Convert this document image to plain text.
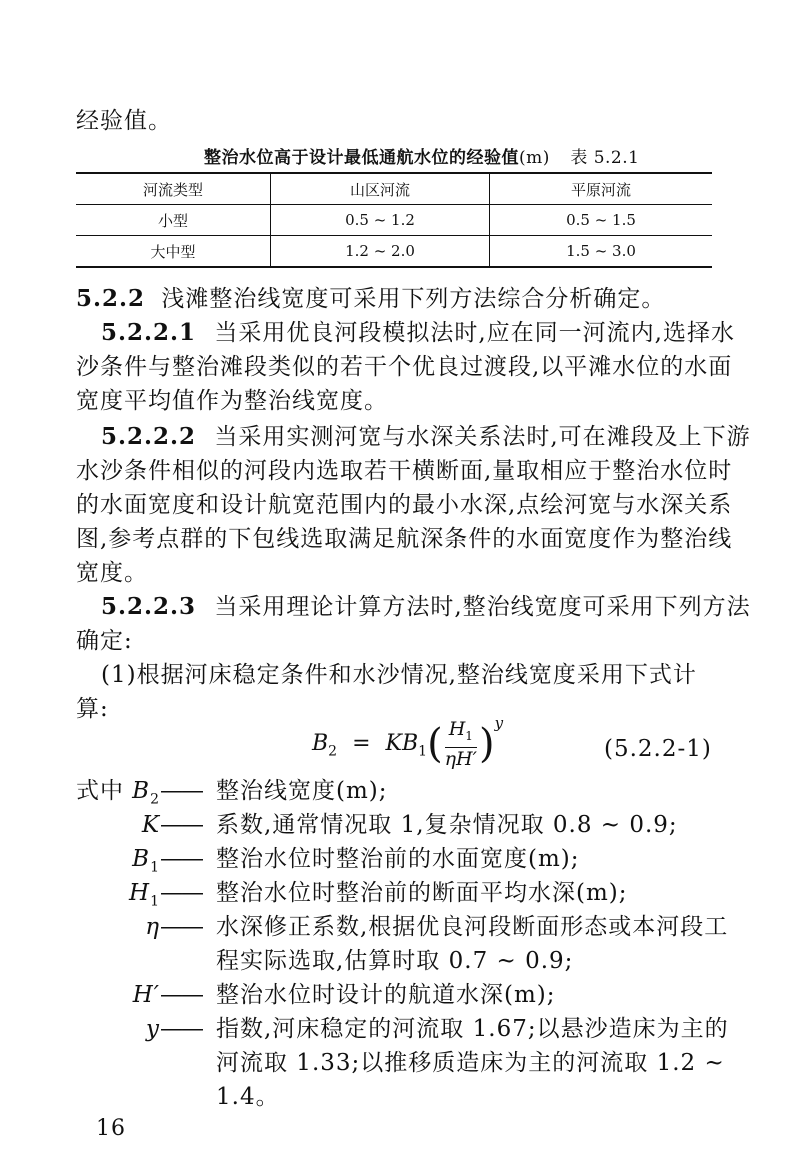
经验值。
整治水位高于设计最低通航水位的经验值(m) 表 5.2.1
河流类型	山区河流	平原河流
小型	0.5 ~ 1.2	0.5 ~ 1.5
大中型	1.2 ~ 2.0	1.5 ~ 3.0
5.2.2 浅滩整治线宽度可采用下列方法综合分析确定。
5.2.2.1 当采用优良河段模拟法时,应在同一河流内,选择水
沙条件与整治滩段类似的若干个优良过渡段,以平滩水位的水面
宽度平均值作为整治线宽度。
5.2.2.2 当采用实测河宽与水深关系法时,可在滩段及上下游
水沙条件相似的河段内选取若干横断面,量取相应于整治水位时
的水面宽度和设计航宽范围内的最小水深,点绘河宽与水深关系
图,参考点群的下包线选取满足航深条件的水面宽度作为整治线
宽度。
5.2.2.3 当采用理论计算方法时,整治线宽度可采用下列方法
确定:
(1)根据河床稳定条件和水沙情况,整治线宽度采用下式计
算:
$B_2 = KB_1( \frac{H_1}{\eta H'} )^y$
(5.2.2-1)
式中 $B_2$ —— 整治线宽度(m);
K —— 系数,通常情况取 1,复杂情况取 0.8 ~ 0.9;
$B_1$ —— 整治水位时整治前的水面宽度(m);
$H_1$ —— 整治水位时整治前的断面平均水深(m);
η —— 水深修正系数,根据优良河段断面形态或本河段工
程实际选取,估算时取 0.7 ~ 0.9;
H′ —— 整治水位时设计的航道水深(m);
y —— 指数,河床稳定的河流取 1.67;以悬沙造床为主的
河流取 1.33;以推移质造床为主的河流取 1.2 ~
1.4。
16
